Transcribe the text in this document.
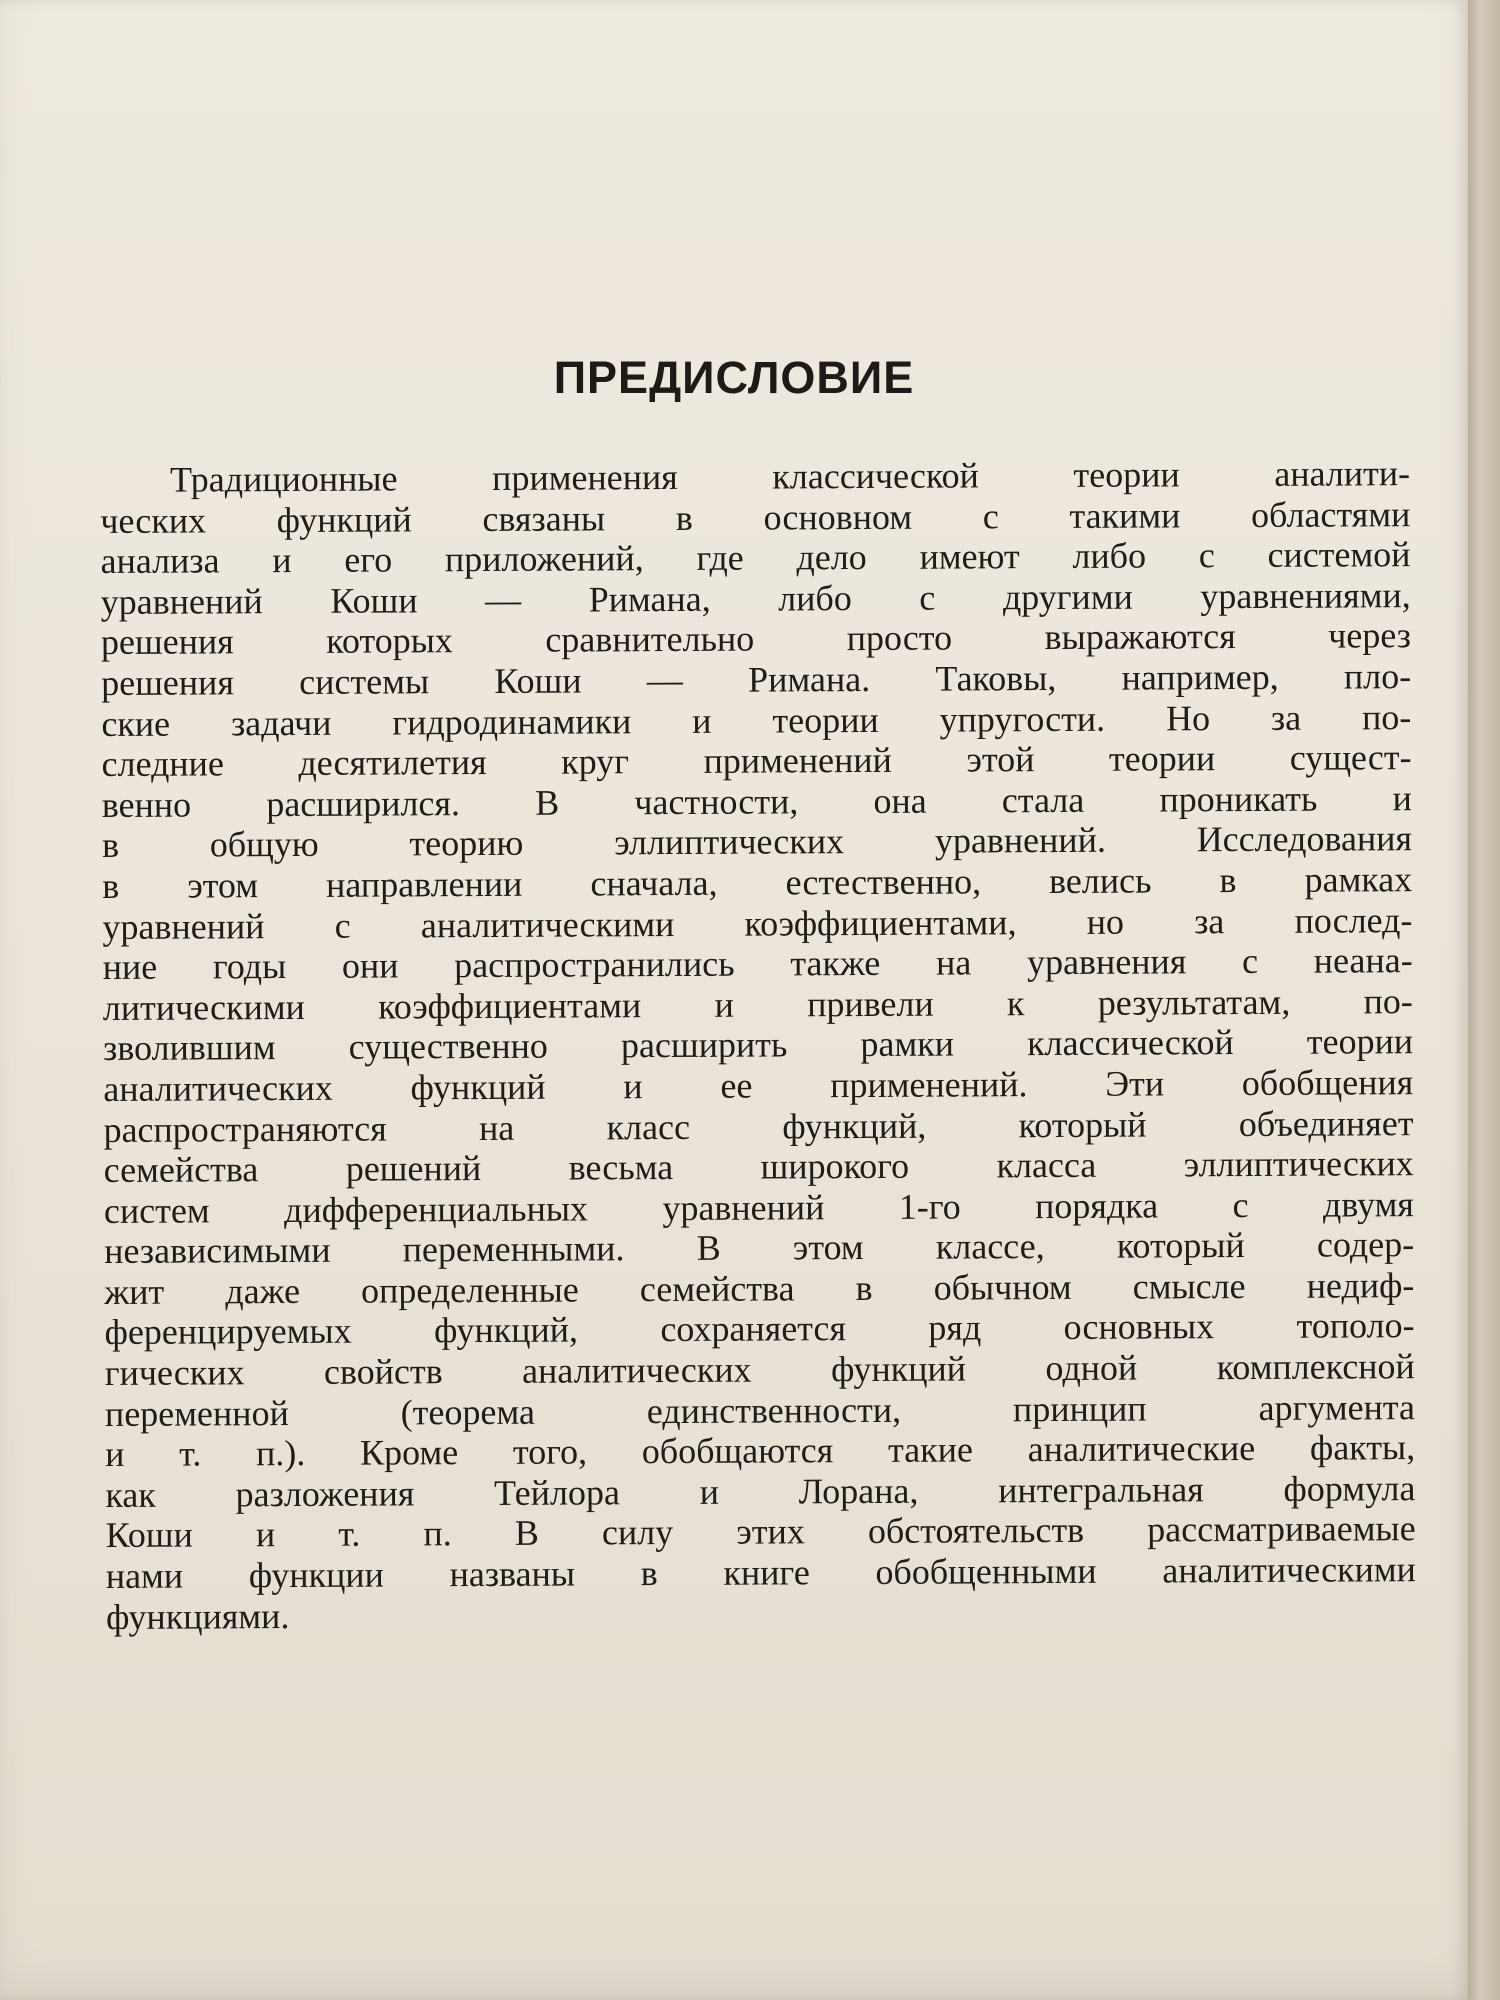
ПРЕДИСЛОВИЕ
Традиционные применения классической теории аналити-
ческих функций связаны в основном с такими областями
анализа и его приложений, где дело имеют либо с системой
уравнений Коши — Римана, либо с другими уравнениями,
решения которых сравнительно просто выражаются через
решения системы Коши — Римана. Таковы, например, пло-
ские задачи гидродинамики и теории упругости. Но за по-
следние десятилетия круг применений этой теории сущест-
венно расширился. В частности, она стала проникать и
в общую теорию эллиптических уравнений. Исследования
в этом направлении сначала, естественно, велись в рамках
уравнений с аналитическими коэффициентами, но за послед-
ние годы они распространились также на уравнения с неана-
литическими коэффициентами и привели к результатам, по-
зволившим существенно расширить рамки классической теории
аналитических функций и ее применений. Эти обобщения
распространяются на класс функций, который объединяет
семейства решений весьма широкого класса эллиптических
систем дифференциальных уравнений 1-го порядка с двумя
независимыми переменными. В этом классе, который содер-
жит даже определенные семейства в обычном смысле недиф-
ференцируемых функций, сохраняется ряд основных тополо-
гических свойств аналитических функций одной комплексной
переменной (теорема единственности, принцип аргумента
и т. п.). Кроме того, обобщаются такие аналитические факты,
как разложения Тейлора и Лорана, интегральная формула
Коши и т. п. В силу этих обстоятельств рассматриваемые
нами функции названы в книге обобщенными аналитическими
функциями.
